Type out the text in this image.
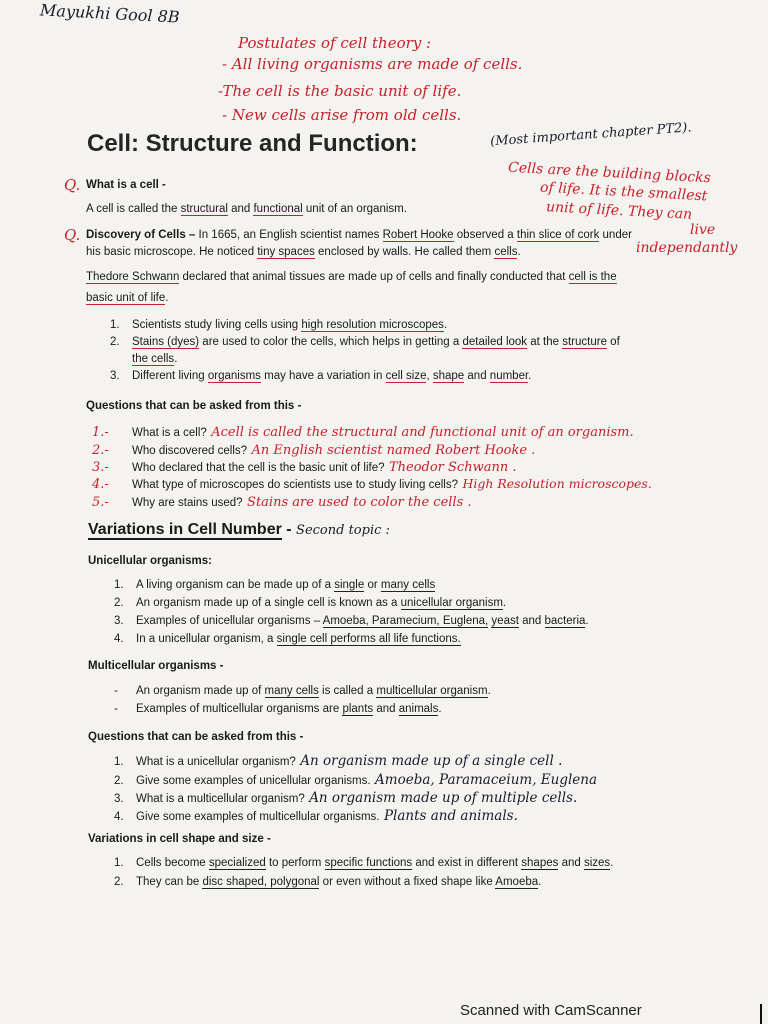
Mayukhi Gool 8B
Postulates of cell theory :
- All living organisms are made of cells.
-The cell is the basic unit of life.
- New cells arise from old cells.
Cell: Structure and Function:	(Most important chapter PT2).
Q. What is a cell -
A cell is called the structural and functional unit of an organism.
Cells are the building blocks
of life. It is the smallest
unit of life. They can
live
independantly
Q. Discovery of Cells – In 1665, an English scientist names Robert Hooke observed a thin slice of cork under
his basic microscope. He noticed tiny spaces enclosed by walls. He called them cells.
Thedore Schwann declared that animal tissues are made up of cells and finally conducted that cell is the
basic unit of life.
1. Scientists study living cells using high resolution microscopes.
2. Stains (dyes) are used to color the cells, which helps in getting a detailed look at the structure of
the cells.
3. Different living organisms may have a variation in cell size, shape and number.
Questions that can be asked from this -
1.- What is a cell? Acell is called the structural and functional unit of an organism.
2.- Who discovered cells? An English scientist named Robert Hooke .
3.- Who declared that the cell is the basic unit of life? Theodor Schwann .
4.- What type of microscopes do scientists use to study living cells? High Resolution microscopes.
5.- Why are stains used? Stains are used to color the cells .
Variations in Cell Number - Second topic :
Unicellular organisms:
1. A living organism can be made up of a single or many cells
2. An organism made up of a single cell is known as a unicellular organism.
3. Examples of unicellular organisms – Amoeba, Paramecium, Euglena, yeast and bacteria.
4. In a unicellular organism, a single cell performs all life functions.
Multicellular organisms -
- An organism made up of many cells is called a multicellular organism.
- Examples of multicellular organisms are plants and animals.
Questions that can be asked from this -
1. What is a unicellular organism? An organism made up of a single cell .
2. Give some examples of unicellular organisms. Amoeba, Paramaceium, Euglena
3. What is a multicellular organism? An organism made up of multiple cells.
4. Give some examples of multicellular organisms. Plants and animals.
Variations in cell shape and size -
1. Cells become specialized to perform specific functions and exist in different shapes and sizes.
2. They can be disc shaped, polygonal or even without a fixed shape like Amoeba.
Scanned with CamScanner
